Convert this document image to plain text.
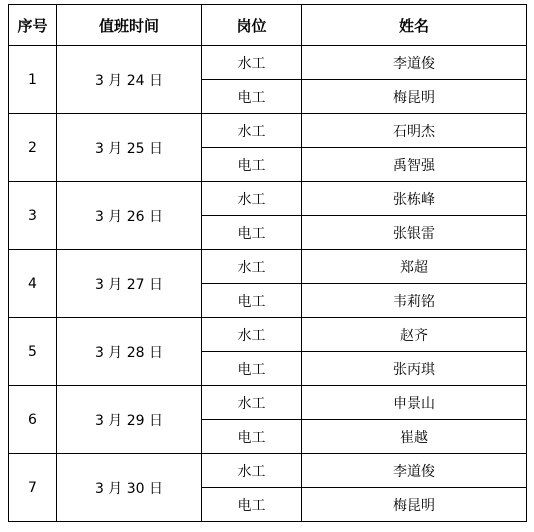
序号	值班时间	岗位	姓名
1	3 月 24 日	水工	李道俊
		电工	梅昆明
2	3 月 25 日	水工	石明杰
		电工	禹智强
3	3 月 26 日	水工	张栋峰
		电工	张银雷
4	3 月 27 日	水工	郑超
		电工	韦莉铭
5	3 月 28 日	水工	赵齐
		电工	张丙琪
6	3 月 29 日	水工	申景山
		电工	崔越
7	3 月 30 日	水工	李道俊
		电工	梅昆明
